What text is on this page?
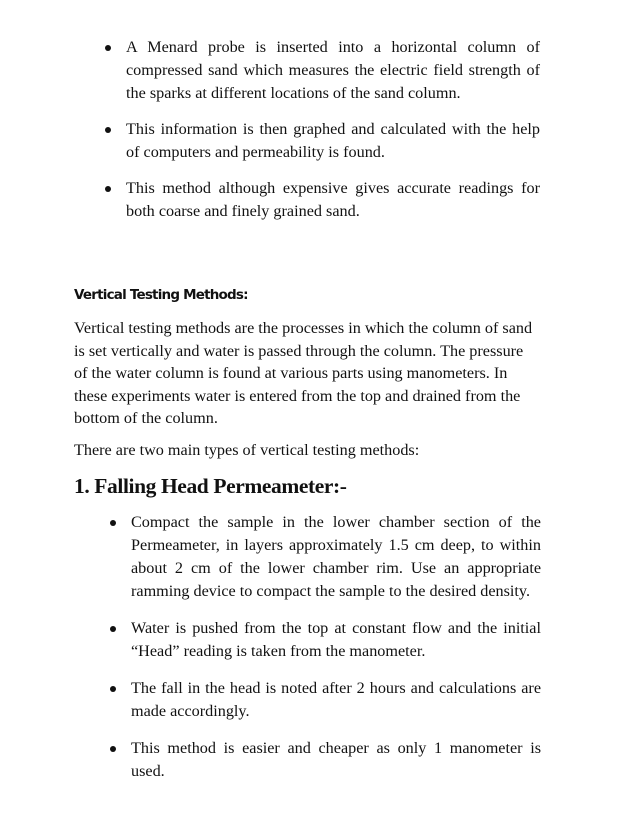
A Menard probe is inserted into a horizontal column of compressed sand which measures the electric field strength of the sparks at different locations of the sand column.
This information is then graphed and calculated with the help of computers and permeability is found.
This method although expensive gives accurate readings for both coarse and finely grained sand.
Vertical Testing Methods:

Vertical testing methods are the processes in which the column of sand is set vertically and water is passed through the column. The pressure of the water column is found at various parts using manometers. In these experiments water is entered from the top and drained from the bottom of the column.

There are two main types of vertical testing methods:

1. Falling Head Permeameter:-
Compact the sample in the lower chamber section of the Permeameter, in layers approximately 1.5 cm deep, to within about 2 cm of the lower chamber rim. Use an appropriate ramming device to compact the sample to the desired density.
Water is pushed from the top at constant flow and the initial “Head” reading is taken from the manometer.
The fall in the head is noted after 2 hours and calculations are made accordingly.
This method is easier and cheaper as only 1 manometer is used.
